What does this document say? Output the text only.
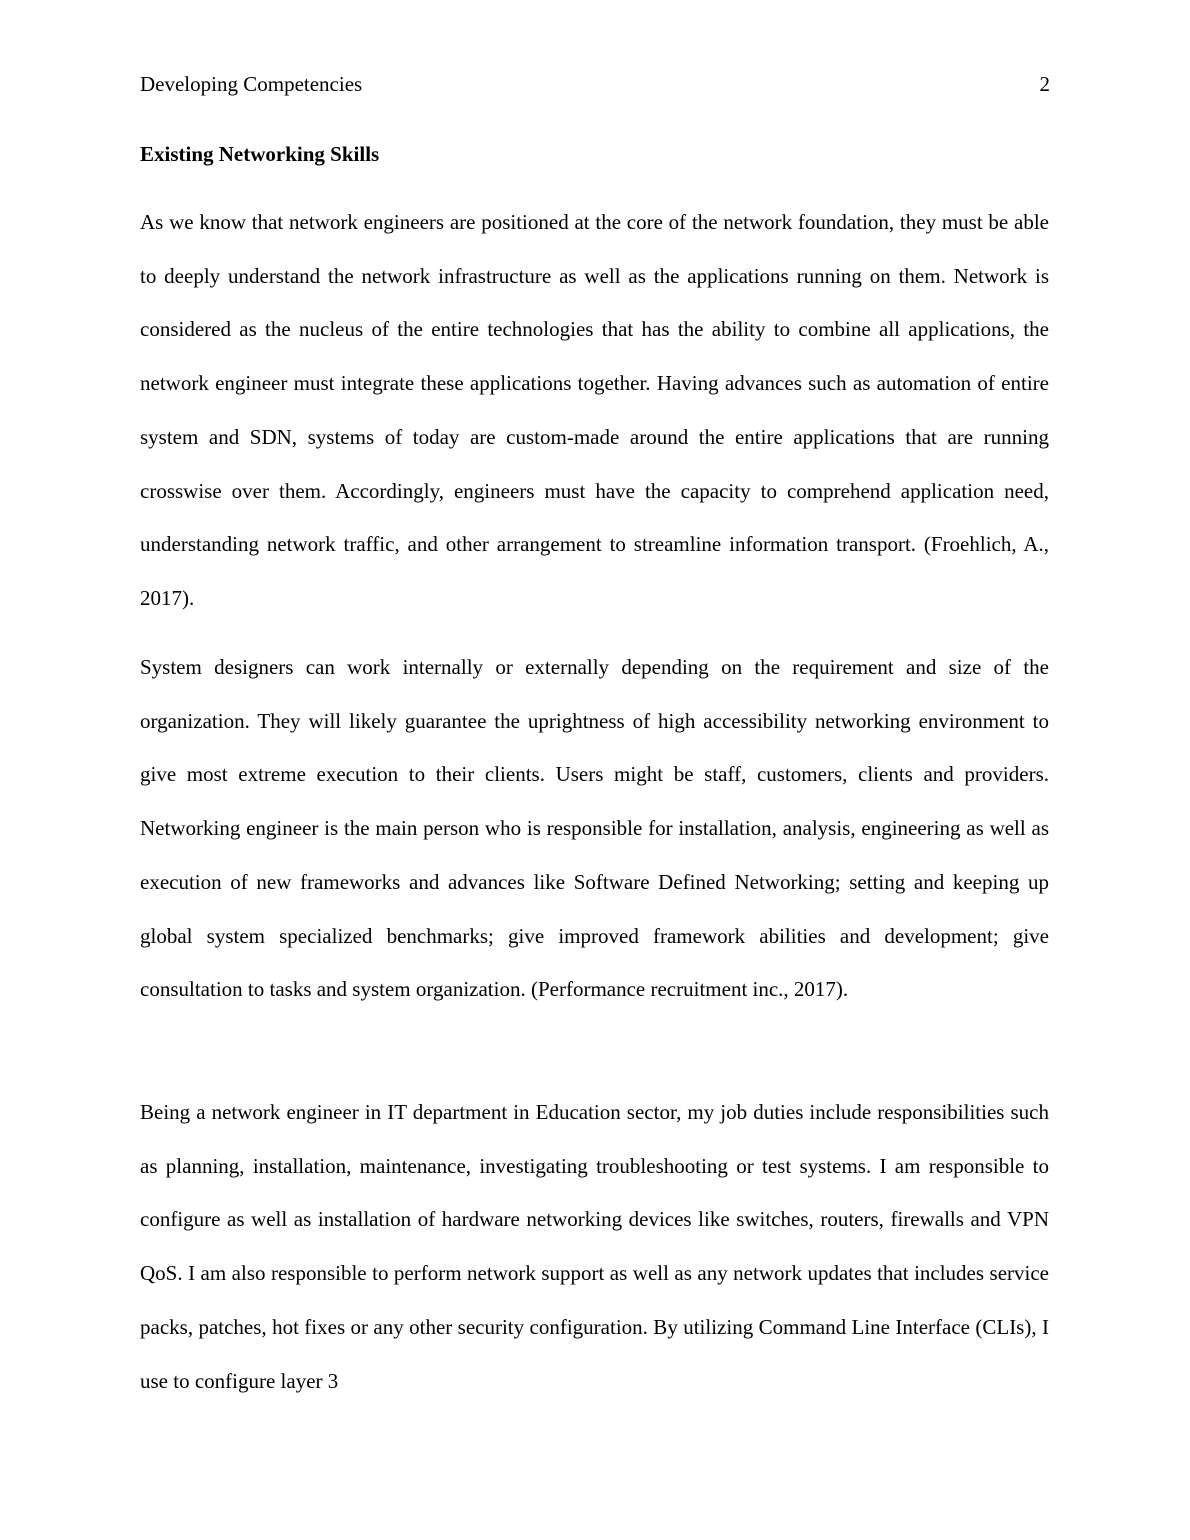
Developing Competencies	2
Existing Networking Skills

As we know that network engineers are positioned at the core of the network foundation, they must be able to deeply understand the network infrastructure as well as the applications running on them. Network is considered as the nucleus of the entire technologies that has the ability to combine all applications, the network engineer must integrate these applications together. Having advances such as automation of entire system and SDN, systems of today are custom-made around the entire applications that are running crosswise over them. Accordingly, engineers must have the capacity to comprehend application need, understanding network traffic, and other arrangement to streamline information transport. (Froehlich, A., 2017).

System designers can work internally or externally depending on the requirement and size of the organization. They will likely guarantee the uprightness of high accessibility networking environment to give most extreme execution to their clients. Users might be staff, customers, clients and providers. Networking engineer is the main person who is responsible for installation, analysis, engineering as well as execution of new frameworks and advances like Software Defined Networking; setting and keeping up global system specialized benchmarks; give improved framework abilities and development; give consultation to tasks and system organization. (Performance recruitment inc., 2017).

Being a network engineer in IT department in Education sector, my job duties include responsibilities such as planning, installation, maintenance, investigating troubleshooting or test systems. I am responsible to configure as well as installation of hardware networking devices like switches, routers, firewalls and VPN QoS. I am also responsible to perform network support as well as any network updates that includes service packs, patches, hot fixes or any other security configuration. By utilizing Command Line Interface (CLIs), I use to configure layer 3
